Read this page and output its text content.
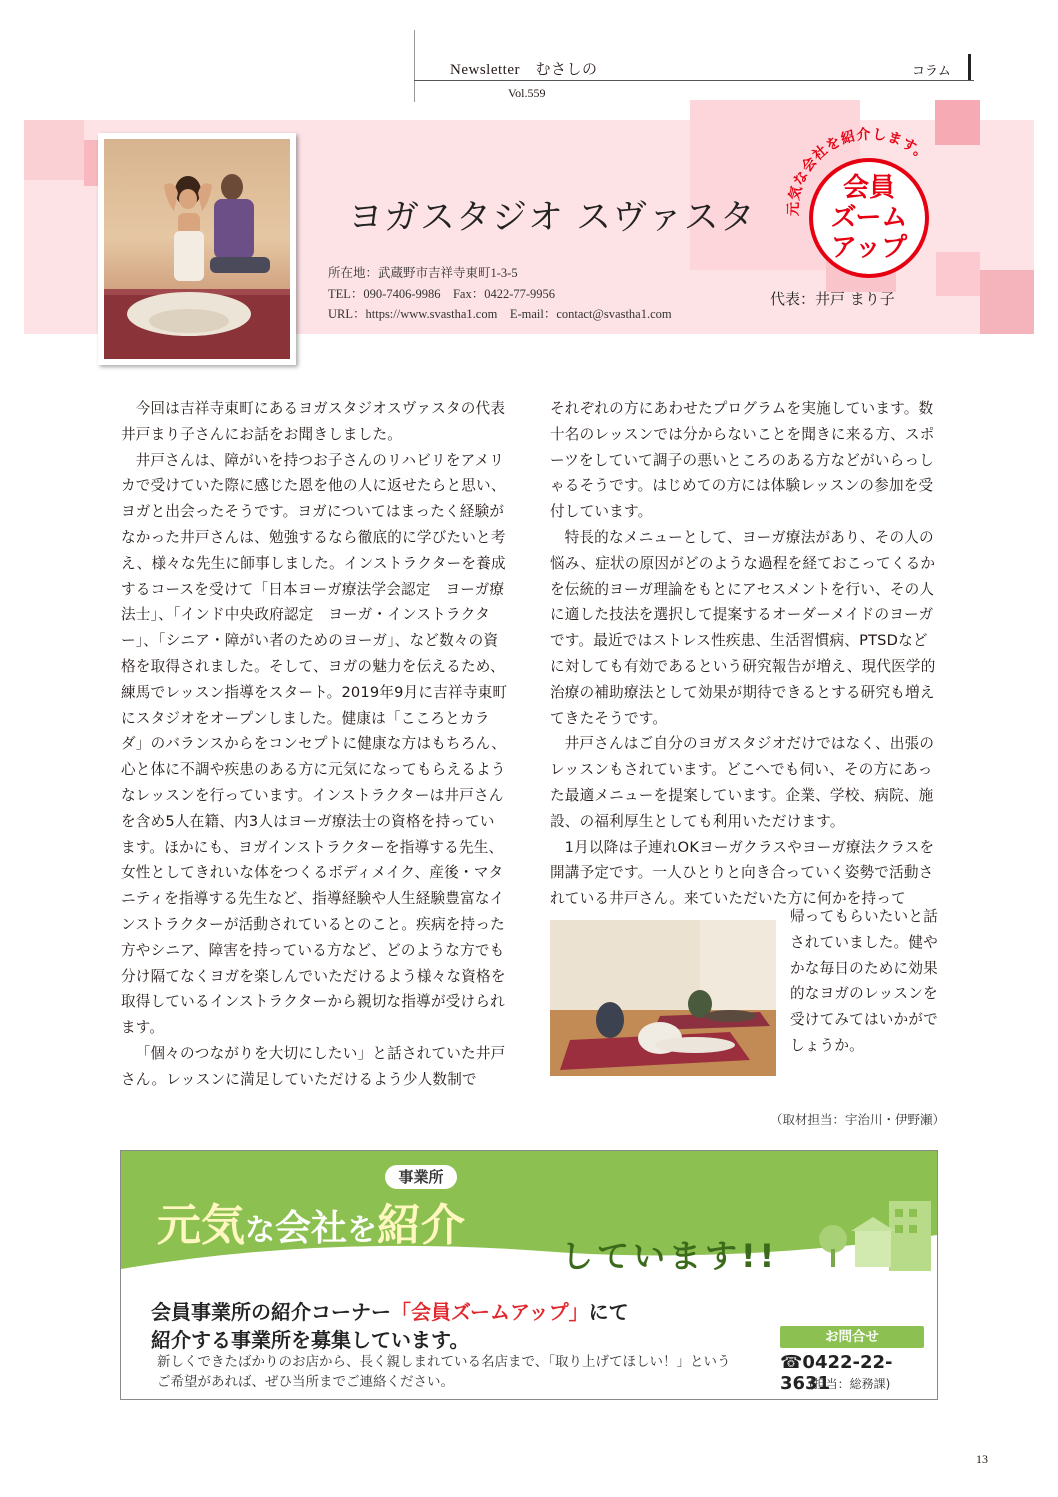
Newsletter　むさしの
Vol.559
コラム
ヨガスタジオ スヴァスタ
所在地：武蔵野市吉祥寺東町1-3-5
TEL：090-7406-9986　Fax：0422-77-9956
URL：https://www.svastha1.com　E-mail：contact@svastha1.com
代表：井戸 まり子
元気な会社を紹介します。
会員
ズーム
アップ

今回は吉祥寺東町にあるヨガスタジオスヴァスタの代表井戸まり子さんにお話をお聞きしました。

井戸さんは、障がいを持つお子さんのリハビリをアメリカで受けていた際に感じた恩を他の人に返せたらと思い、ヨガと出会ったそうです。ヨガについてはまったく経験がなかった井戸さんは、勉強するなら徹底的に学びたいと考え、様々な先生に師事しました。インストラクターを養成するコースを受けて「日本ヨーガ療法学会認定　ヨーガ療法士」、「インド中央政府認定　ヨーガ・インストラクター」、「シニア・障がい者のためのヨーガ」、など数々の資格を取得されました。そして、ヨガの魅力を伝えるため、練馬でレッスン指導をスタート。2019年9月に吉祥寺東町にスタジオをオープンしました。健康は「こころとカラダ」のバランスからをコンセプトに健康な方はもちろん、心と体に不調や疾患のある方に元気になってもらえるようなレッスンを行っています。インストラクターは井戸さんを含め5人在籍、内3人はヨーガ療法士の資格を持っています。ほかにも、ヨガインストラクターを指導する先生、女性としてきれいな体をつくるボディメイク、産後・マタニティを指導する先生など、指導経験や人生経験豊富なインストラクターが活動されているとのこと。疾病を持った方やシニア、障害を持っている方など、どのような方でも分け隔てなくヨガを楽しんでいただけるよう様々な資格を取得しているインストラクターから親切な指導が受けられます。

「個々のつながりを大切にしたい」と話されていた井戸さん。レッスンに満足していただけるよう少人数制で

それぞれの方にあわせたプログラムを実施しています。数十名のレッスンでは分からないことを聞きに来る方、スポーツをしていて調子の悪いところのある方などがいらっしゃるそうです。はじめての方には体験レッスンの参加を受付しています。

特長的なメニューとして、ヨーガ療法があり、その人の悩み、症状の原因がどのような過程を経ておこってくるかを伝統的ヨーガ理論をもとにアセスメントを行い、その人に適した技法を選択して提案するオーダーメイドのヨーガです。最近ではストレス性疾患、生活習慣病、PTSDなどに対しても有効であるという研究報告が増え、現代医学的治療の補助療法として効果が期待できるとする研究も増えてきたそうです。

井戸さんはご自分のヨガスタジオだけではなく、出張のレッスンもされています。どこへでも伺い、その方にあった最適メニューを提案しています。企業、学校、病院、施設、の福利厚生としても利用いただけます。

1月以降は子連れOKヨーガクラスやヨーガ療法クラスを開講予定です。一人ひとりと向き合っていく姿勢で活動されている井戸さん。来ていただいた方に何かを持って

帰ってもらいたいと話されていました。健やかな毎日のために効果的なヨガのレッスンを受けてみてはいかがでしょうか。
（取材担当：宇治川・伊野瀬）
事業所
元気な会社を紹介
しています!!
会員事業所の紹介コーナー「会員ズームアップ」にて
紹介する事業所を募集しています。
新しくできたばかりのお店から、長く親しまれている名店まで、「取り上げてほしい！」という
ご希望があれば、ぜひ当所までご連絡ください。
お問合せ
☎0422-22-3631
(担当：総務課)
13
